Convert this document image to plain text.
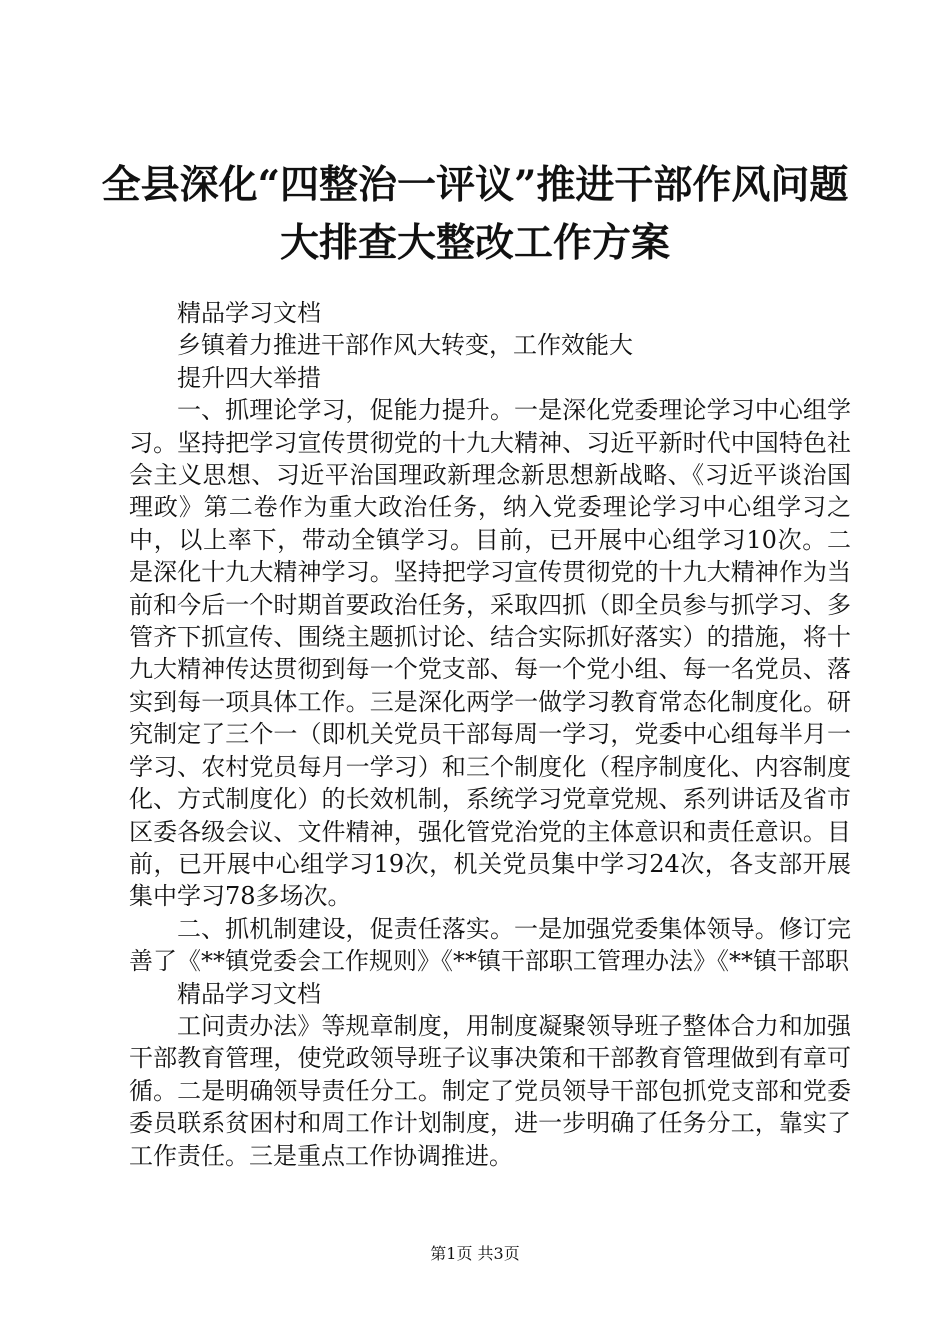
全县深化“四整治一评议”推进干部作风问题
大排查大整改工作方案

精品学习文档

乡镇着力推进干部作风大转变，工作效能大

提升四大举措

一、抓理论学习，促能力提升。一是深化党委理论学习中心组学习。坚持把学习宣传贯彻党的十九大精神、习近平新时代中国特色社会主义思想、习近平治国理政新理念新思想新战略、《习近平谈治国理政》第二卷作为重大政治任务，纳入党委理论学习中心组学习之中，以上率下，带动全镇学习。目前，已开展中心组学习10次。二是深化十九大精神学习。坚持把学习宣传贯彻党的十九大精神作为当前和今后一个时期首要政治任务，采取四抓（即全员参与抓学习、多管齐下抓宣传、围绕主题抓讨论、结合实际抓好落实）的措施，将十九大精神传达贯彻到每一个党支部、每一个党小组、每一名党员、落实到每一项具体工作。三是深化两学一做学习教育常态化制度化。研究制定了三个一（即机关党员干部每周一学习，党委中心组每半月一学习、农村党员每月一学习）和三个制度化（程序制度化、内容制度化、方式制度化）的长效机制，系统学习党章党规、系列讲话及省市区委各级会议、文件精神，强化管党治党的主体意识和责任意识。目前，已开展中心组学习19次，机关党员集中学习24次，各支部开展集中学习78多场次。

二、抓机制建设，促责任落实。一是加强党委集体领导。修订完善了《**镇党委会工作规则》《**镇干部职工管理办法》《**镇干部职

精品学习文档

工问责办法》等规章制度，用制度凝聚领导班子整体合力和加强干部教育管理，使党政领导班子议事决策和干部教育管理做到有章可循。二是明确领导责任分工。制定了党员领导干部包抓党支部和党委委员联系贫困村和周工作计划制度，进一步明确了任务分工，靠实了工作责任。三是重点工作协调推进。

第1页 共3页
